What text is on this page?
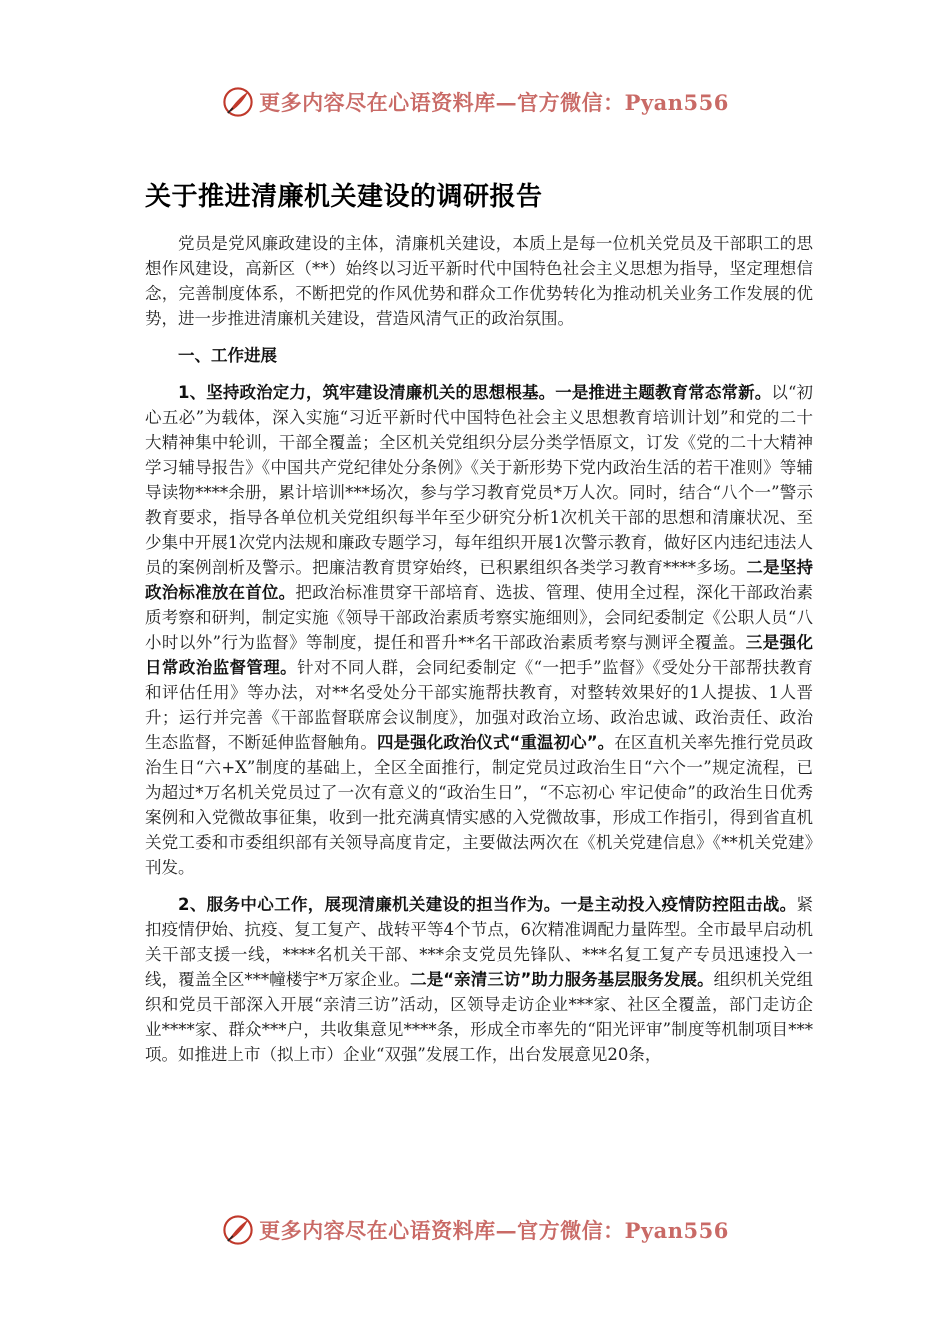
更多内容尽在心语资料库—官方微信：Pyan556
关于推进清廉机关建设的调研报告

党员是党风廉政建设的主体，清廉机关建设，本质上是每一位机关党员及干部职工的思想作风建设，高新区（**）始终以习近平新时代中国特色社会主义思想为指导，坚定理想信念，完善制度体系，不断把党的作风优势和群众工作优势转化为推动机关业务工作发展的优势，进一步推进清廉机关建设，营造风清气正的政治氛围。

一、工作进展

1、坚持政治定力，筑牢建设清廉机关的思想根基。一是推进主题教育常态常新。以“初心五必”为载体，深入实施“习近平新时代中国特色社会主义思想教育培训计划”和党的二十大精神集中轮训，干部全覆盖；全区机关党组织分层分类学悟原文，订发《党的二十大精神学习辅导报告》《中国共产党纪律处分条例》《关于新形势下党内政治生活的若干准则》等辅导读物****余册，累计培训***场次，参与学习教育党员*万人次。同时，结合“八个一”警示教育要求，指导各单位机关党组织每半年至少研究分析1次机关干部的思想和清廉状况、至少集中开展1次党内法规和廉政专题学习，每年组织开展1次警示教育，做好区内违纪违法人员的案例剖析及警示。把廉洁教育贯穿始终，已积累组织各类学习教育****多场。二是坚持政治标准放在首位。把政治标准贯穿干部培育、选拔、管理、使用全过程，深化干部政治素质考察和研判，制定实施《领导干部政治素质考察实施细则》，会同纪委制定《公职人员“八小时以外”行为监督》等制度，提任和晋升**名干部政治素质考察与测评全覆盖。三是强化日常政治监督管理。针对不同人群，会同纪委制定《“一把手”监督》《受处分干部帮扶教育和评估任用》等办法，对**名受处分干部实施帮扶教育，对整转效果好的1人提拔、1人晋升；运行并完善《干部监督联席会议制度》，加强对政治立场、政治忠诚、政治责任、政治生态监督，不断延伸监督触角。四是强化政治仪式“重温初心”。在区直机关率先推行党员政治生日“六+X”制度的基础上，全区全面推行，制定党员过政治生日“六个一”规定流程，已为超过*万名机关党员过了一次有意义的“政治生日”，“不忘初心 牢记使命”的政治生日优秀案例和入党微故事征集，收到一批充满真情实感的入党微故事，形成工作指引，得到省直机关党工委和市委组织部有关领导高度肯定，主要做法两次在《机关党建信息》《**机关党建》刊发。

2、服务中心工作，展现清廉机关建设的担当作为。一是主动投入疫情防控阻击战。紧扣疫情伊始、抗疫、复工复产、战转平等4个节点，6次精准调配力量阵型。全市最早启动机关干部支援一线，****名机关干部、***余支党员先锋队、***名复工复产专员迅速投入一线，覆盖全区***幢楼宇*万家企业。二是“亲清三访”助力服务基层服务发展。组织机关党组织和党员干部深入开展“亲清三访”活动，区领导走访企业***家、社区全覆盖，部门走访企业****家、群众***户，共收集意见****条，形成全市率先的“阳光评审”制度等机制项目***项。如推进上市（拟上市）企业“双强”发展工作，出台发展意见20条，

更多内容尽在心语资料库—官方微信：Pyan556
